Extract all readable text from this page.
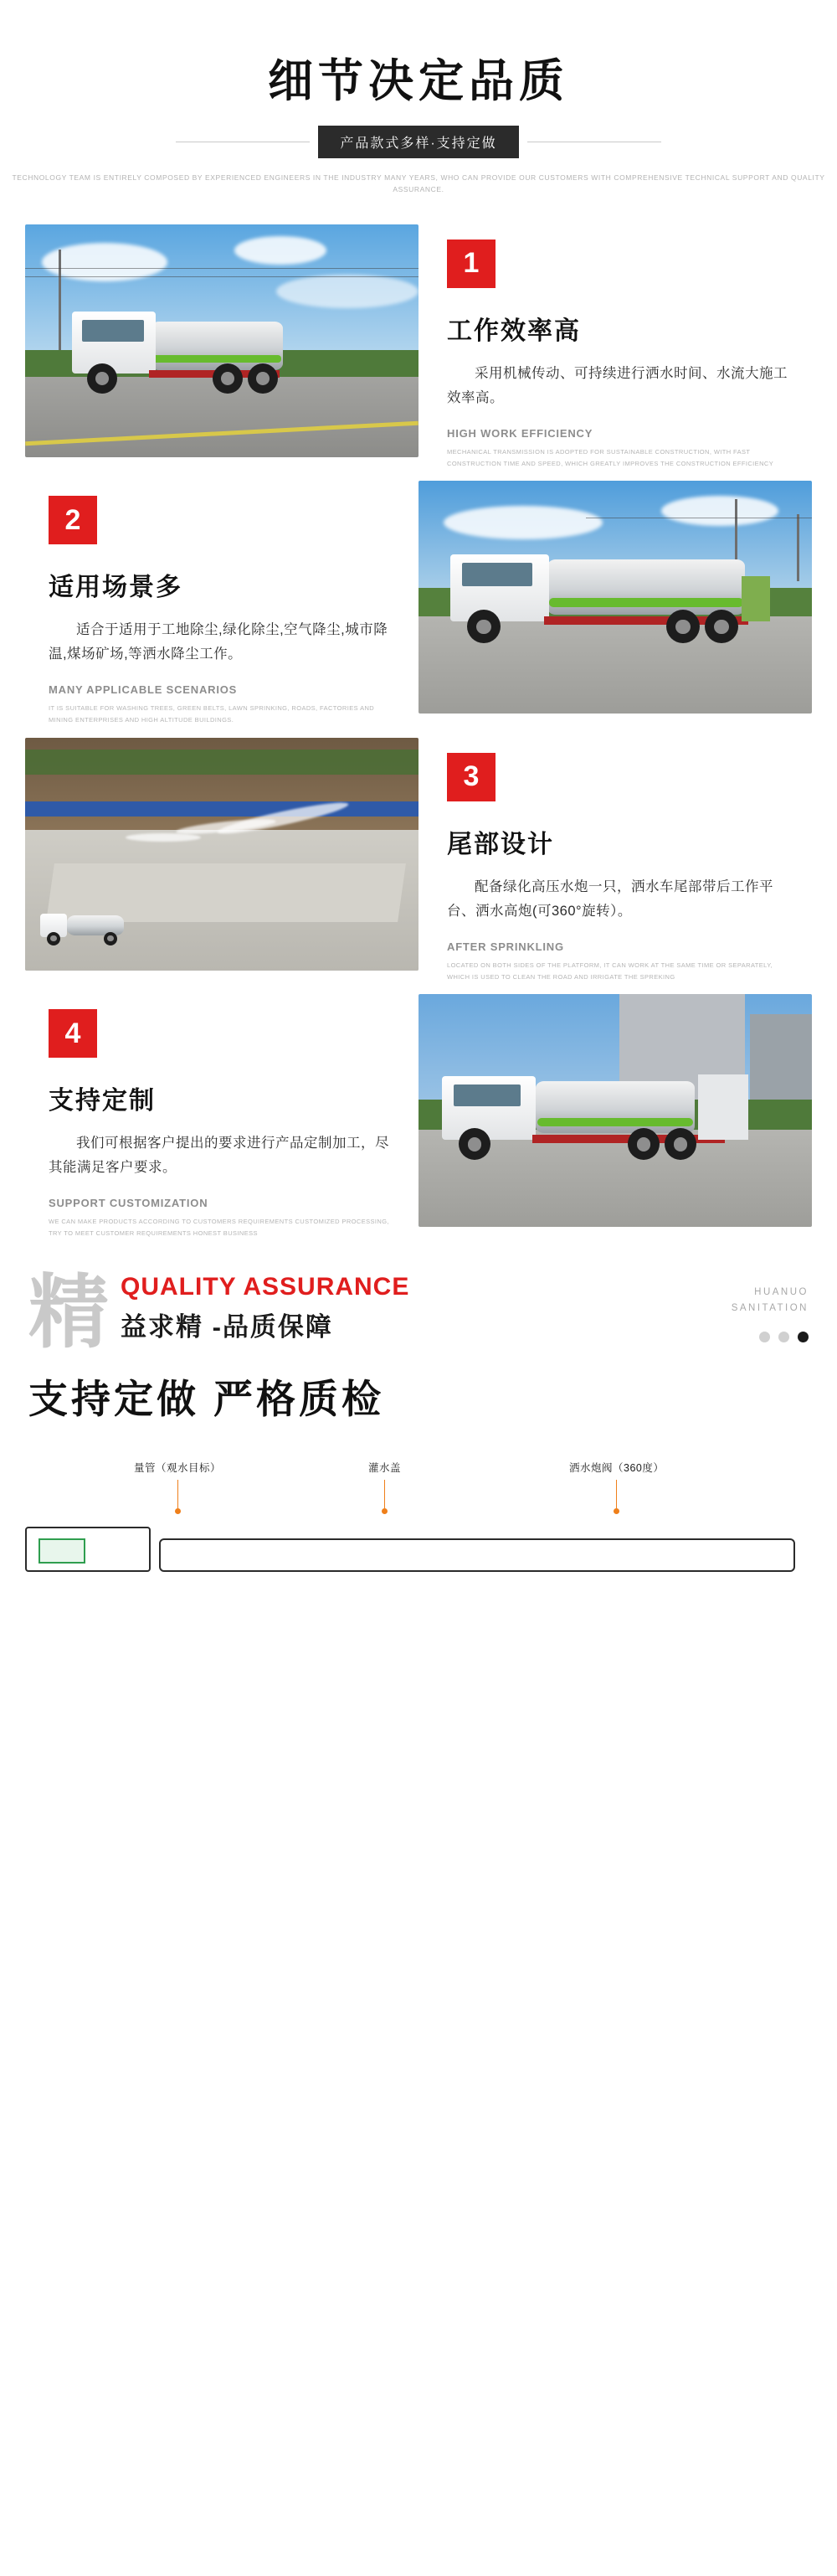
细节决定品质
产品款式多样·支持定做
TECHNOLOGY TEAM IS ENTIRELY COMPOSED BY EXPERIENCED ENGINEERS IN THE INDUSTRY MANY YEARS, WHO CAN PROVIDE OUR CUSTOMERS WITH COMPREHENSIVE TECHNICAL SUPPORT AND QUALITY ASSURANCE.
1
工作效率高
采用机械传动、可持续进行洒水时间、水流大施工效率高。
HIGH WORK EFFICIENCY
MECHANICAL TRANSMISSION IS ADOPTED FOR SUSTAINABLE CONSTRUCTION, WITH FAST CONSTRUCTION TIME AND SPEED, WHICH GREATLY IMPROVES THE CONSTRUCTION EFFICIENCY
2
适用场景多
适合于适用于工地除尘,绿化除尘,空气降尘,城市降温,煤场矿场,等洒水降尘工作。
MANY APPLICABLE SCENARIOS
IT IS SUITABLE FOR WASHING TREES, GREEN BELTS, LAWN SPRINKING, ROADS, FACTORIES AND MINING ENTERPRISES AND HIGH ALTITUDE BUILDINGS.
3
尾部设计
配备绿化高压水炮一只，洒水车尾部带后工作平台、洒水高炮(可360°旋转）。
AFTER SPRINKLING
LOCATED ON BOTH SIDES OF THE PLATFORM, IT CAN WORK AT THE SAME TIME OR SEPARATELY, WHICH IS USED TO CLEAN THE ROAD AND IRRIGATE THE SPREKING
4
支持定制
我们可根据客户提出的要求进行产品定制加工，尽其能满足客户要求。
SUPPORT CUSTOMIZATION
WE CAN MAKE PRODUCTS ACCORDING TO CUSTOMERS REQUIREMENTS CUSTOMIZED PROCESSING, TRY TO MEET CUSTOMER REQUIREMENTS HONEST BUSINESS
精 QUALITY ASSURANCE
益求精 -品质保障
HUANUO
SANITATION
支持定做 严格质检
量管（观水目标）	灌水盖	洒水炮阀（360度）
